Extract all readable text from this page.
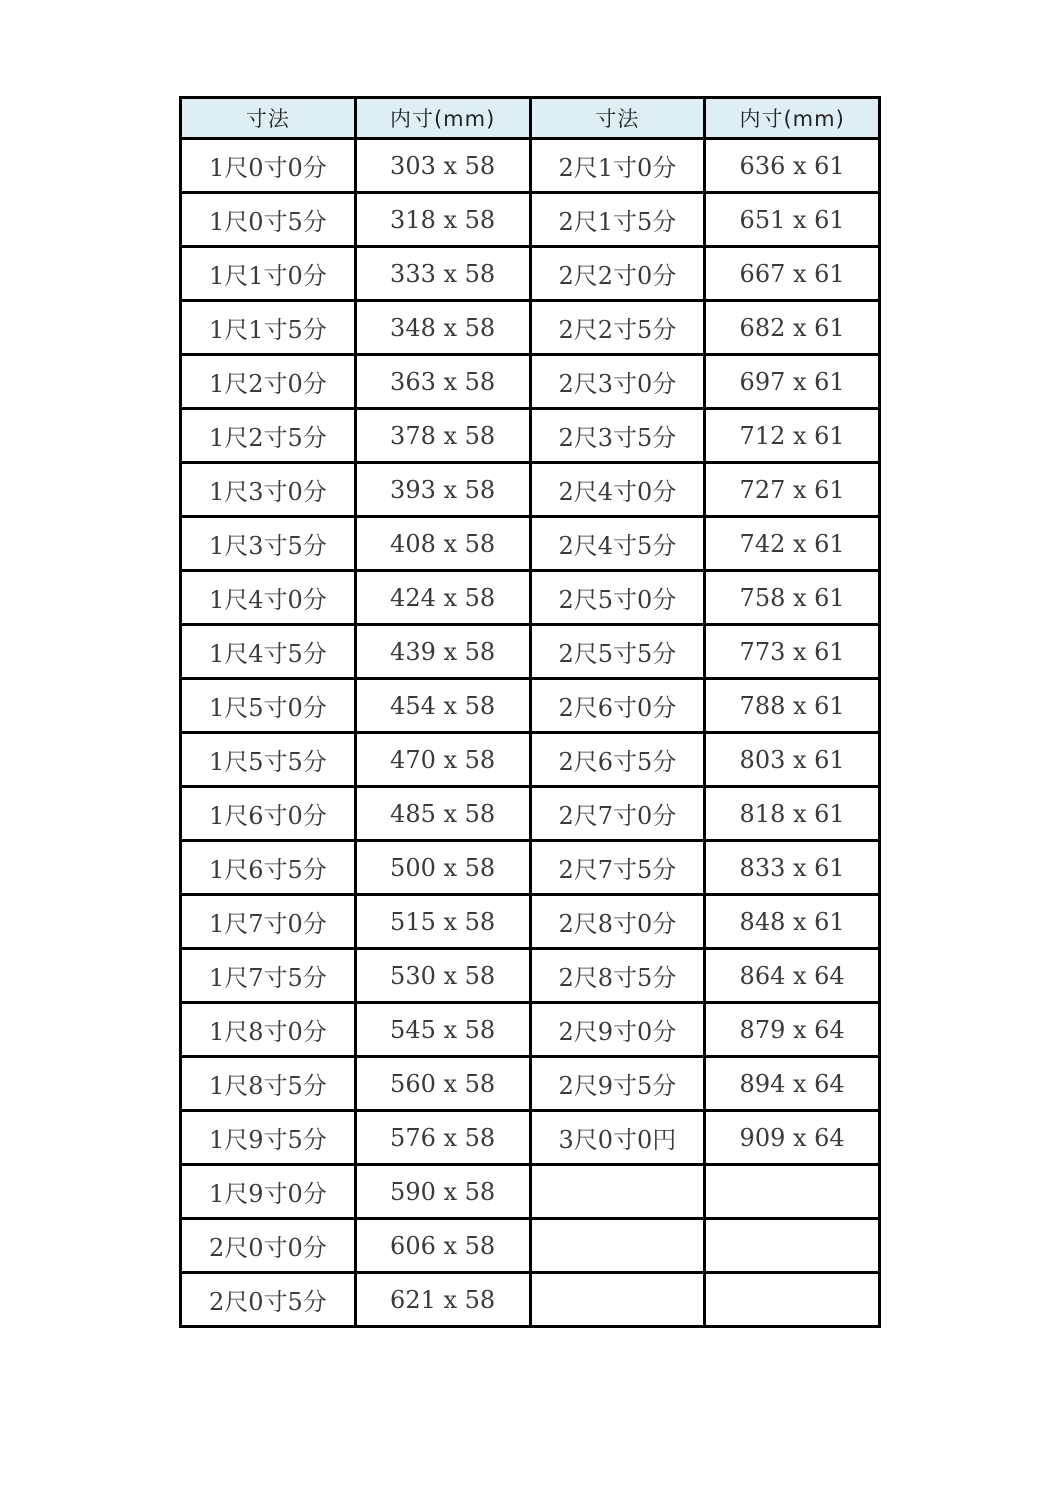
寸法	内寸(mm)	寸法	内寸(mm)
1尺0寸0分	303 x 58	2尺1寸0分	636 x 61
1尺0寸5分	318 x 58	2尺1寸5分	651 x 61
1尺1寸0分	333 x 58	2尺2寸0分	667 x 61
1尺1寸5分	348 x 58	2尺2寸5分	682 x 61
1尺2寸0分	363 x 58	2尺3寸0分	697 x 61
1尺2寸5分	378 x 58	2尺3寸5分	712 x 61
1尺3寸0分	393 x 58	2尺4寸0分	727 x 61
1尺3寸5分	408 x 58	2尺4寸5分	742 x 61
1尺4寸0分	424 x 58	2尺5寸0分	758 x 61
1尺4寸5分	439 x 58	2尺5寸5分	773 x 61
1尺5寸0分	454 x 58	2尺6寸0分	788 x 61
1尺5寸5分	470 x 58	2尺6寸5分	803 x 61
1尺6寸0分	485 x 58	2尺7寸0分	818 x 61
1尺6寸5分	500 x 58	2尺7寸5分	833 x 61
1尺7寸0分	515 x 58	2尺8寸0分	848 x 61
1尺7寸5分	530 x 58	2尺8寸5分	864 x 64
1尺8寸0分	545 x 58	2尺9寸0分	879 x 64
1尺8寸5分	560 x 58	2尺9寸5分	894 x 64
1尺9寸5分	576 x 58	3尺0寸0円	909 x 64
1尺9寸0分	590 x 58		
2尺0寸0分	606 x 58		
2尺0寸5分	621 x 58		
